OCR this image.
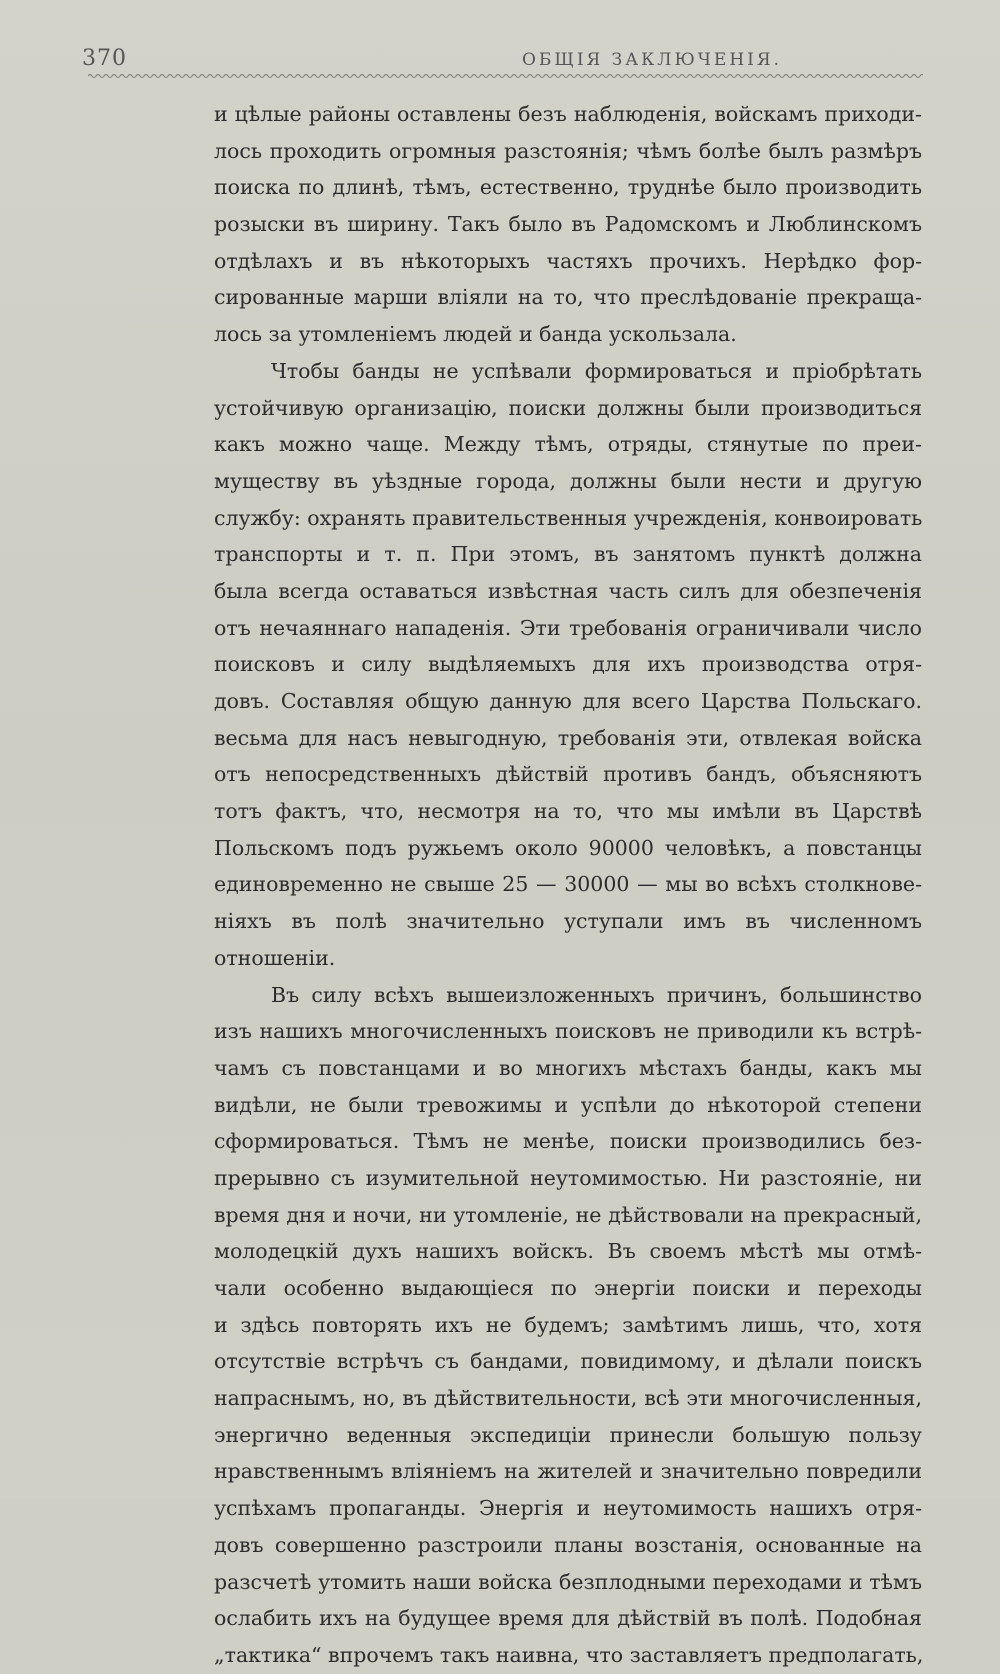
370	ОБЩІЯ ЗАКЛЮЧЕНІЯ.
и цѣлые районы оставлены безъ наблюденія, войскамъ приходи-
лось проходить огромныя разстоянія; чѣмъ болѣе былъ размѣръ
поиска по длинѣ, тѣмъ, естественно, труднѣе было производить
розыски въ ширину. Такъ было въ Радомскомъ и Люблинскомъ
отдѣлахъ и въ нѣкоторыхъ частяхъ прочихъ. Нерѣдко фор-
сированные марши вліяли на то, что преслѣдованіе прекраща-
лось за утомленіемъ людей и банда ускользала.
Чтобы банды не успѣвали формироваться и пріобрѣтать
устойчивую организацію, поиски должны были производиться
какъ можно чаще. Между тѣмъ, отряды, стянутые по преи-
муществу въ уѣздные города, должны были нести и другую
службу: охранять правительственныя учрежденія, конвоировать
транспорты и т. п. При этомъ, въ занятомъ пунктѣ должна
была всегда оставаться извѣстная часть силъ для обезпеченія
отъ нечаяннаго нападенія. Эти требованія ограничивали число
поисковъ и силу выдѣляемыхъ для ихъ производства отря-
довъ. Составляя общую данную для всего Царства Польскаго.
весьма для насъ невыгодную, требованія эти, отвлекая войска
отъ непосредственныхъ дѣйствій противъ бандъ, объясняютъ
тотъ фактъ, что, несмотря на то, что мы имѣли въ Царствѣ
Польскомъ подъ ружьемъ около 90000 человѣкъ, а повстанцы
единовременно не свыше 25 — 30000 — мы во всѣхъ столкнове-
ніяхъ въ полѣ значительно уступали имъ въ численномъ
отношеніи.
Въ силу всѣхъ вышеизложенныхъ причинъ, большинство
изъ нашихъ многочисленныхъ поисковъ не приводили къ встрѣ-
чамъ съ повстанцами и во многихъ мѣстахъ банды, какъ мы
видѣли, не были тревожимы и успѣли до нѣкоторой степени
сформироваться. Тѣмъ не менѣе, поиски производились без-
прерывно съ изумительной неутомимостью. Ни разстояніе, ни
время дня и ночи, ни утомленіе, не дѣйствовали на прекрасный,
молодецкій духъ нашихъ войскъ. Въ своемъ мѣстѣ мы отмѣ-
чали особенно выдающіеся по энергіи поиски и переходы
и здѣсь повторять ихъ не будемъ; замѣтимъ лишь, что, хотя
отсутствіе встрѣчъ съ бандами, повидимому, и дѣлали поискъ
напраснымъ, но, въ дѣйствительности, всѣ эти многочисленныя,
энергично веденныя экспедиціи принесли большую пользу
нравственнымъ вліяніемъ на жителей и значительно повредили
успѣхамъ пропаганды. Энергія и неутомимость нашихъ отря-
довъ совершенно разстроили планы возстанія, основанные на
разсчетѣ утомить наши войска безплодными переходами и тѣмъ
ослабить ихъ на будущее время для дѣйствій въ полѣ. Подобная
„тактика“ впрочемъ такъ наивна, что заставляетъ предполагать,
